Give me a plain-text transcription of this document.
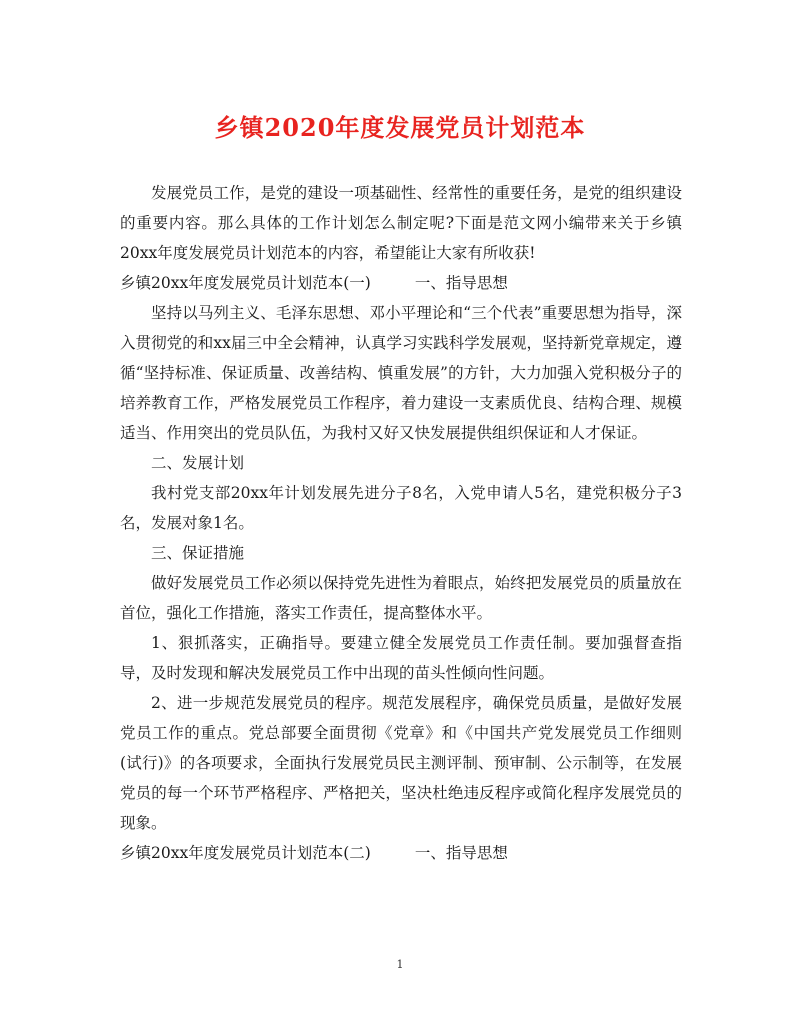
乡镇2020年度发展党员计划范本

发展党员工作，是党的建设一项基础性、经常性的重要任务，是党的组织建设的重要内容。那么具体的工作计划怎么制定呢?下面是范文网小编带来关于乡镇20xx年度发展党员计划范本的内容，希望能让大家有所收获!

乡镇20xx年度发展党员计划范本(一)	一、指导思想

坚持以马列主义、毛泽东思想、邓小平理论和“三个代表”重要思想为指导，深入贯彻党的和xx届三中全会精神，认真学习实践科学发展观，坚持新党章规定，遵循“坚持标准、保证质量、改善结构、慎重发展”的方针，大力加强入党积极分子的培养教育工作，严格发展党员工作程序，着力建设一支素质优良、结构合理、规模适当、作用突出的党员队伍，为我村又好又快发展提供组织保证和人才保证。

二、发展计划

我村党支部20xx年计划发展先进分子8名，入党申请人5名，建党积极分子3名，发展对象1名。

三、保证措施

做好发展党员工作必须以保持党先进性为着眼点，始终把发展党员的质量放在首位，强化工作措施，落实工作责任，提高整体水平。

1、狠抓落实，正确指导。要建立健全发展党员工作责任制。要加强督查指导，及时发现和解决发展党员工作中出现的苗头性倾向性问题。

2、进一步规范发展党员的程序。规范发展程序，确保党员质量，是做好发展党员工作的重点。党总部要全面贯彻《党章》和《中国共产党发展党员工作细则(试行)》的各项要求，全面执行发展党员民主测评制、预审制、公示制等，在发展党员的每一个环节严格程序、严格把关，坚决杜绝违反程序或简化程序发展党员的现象。

乡镇20xx年度发展党员计划范本(二)	一、指导思想

1
